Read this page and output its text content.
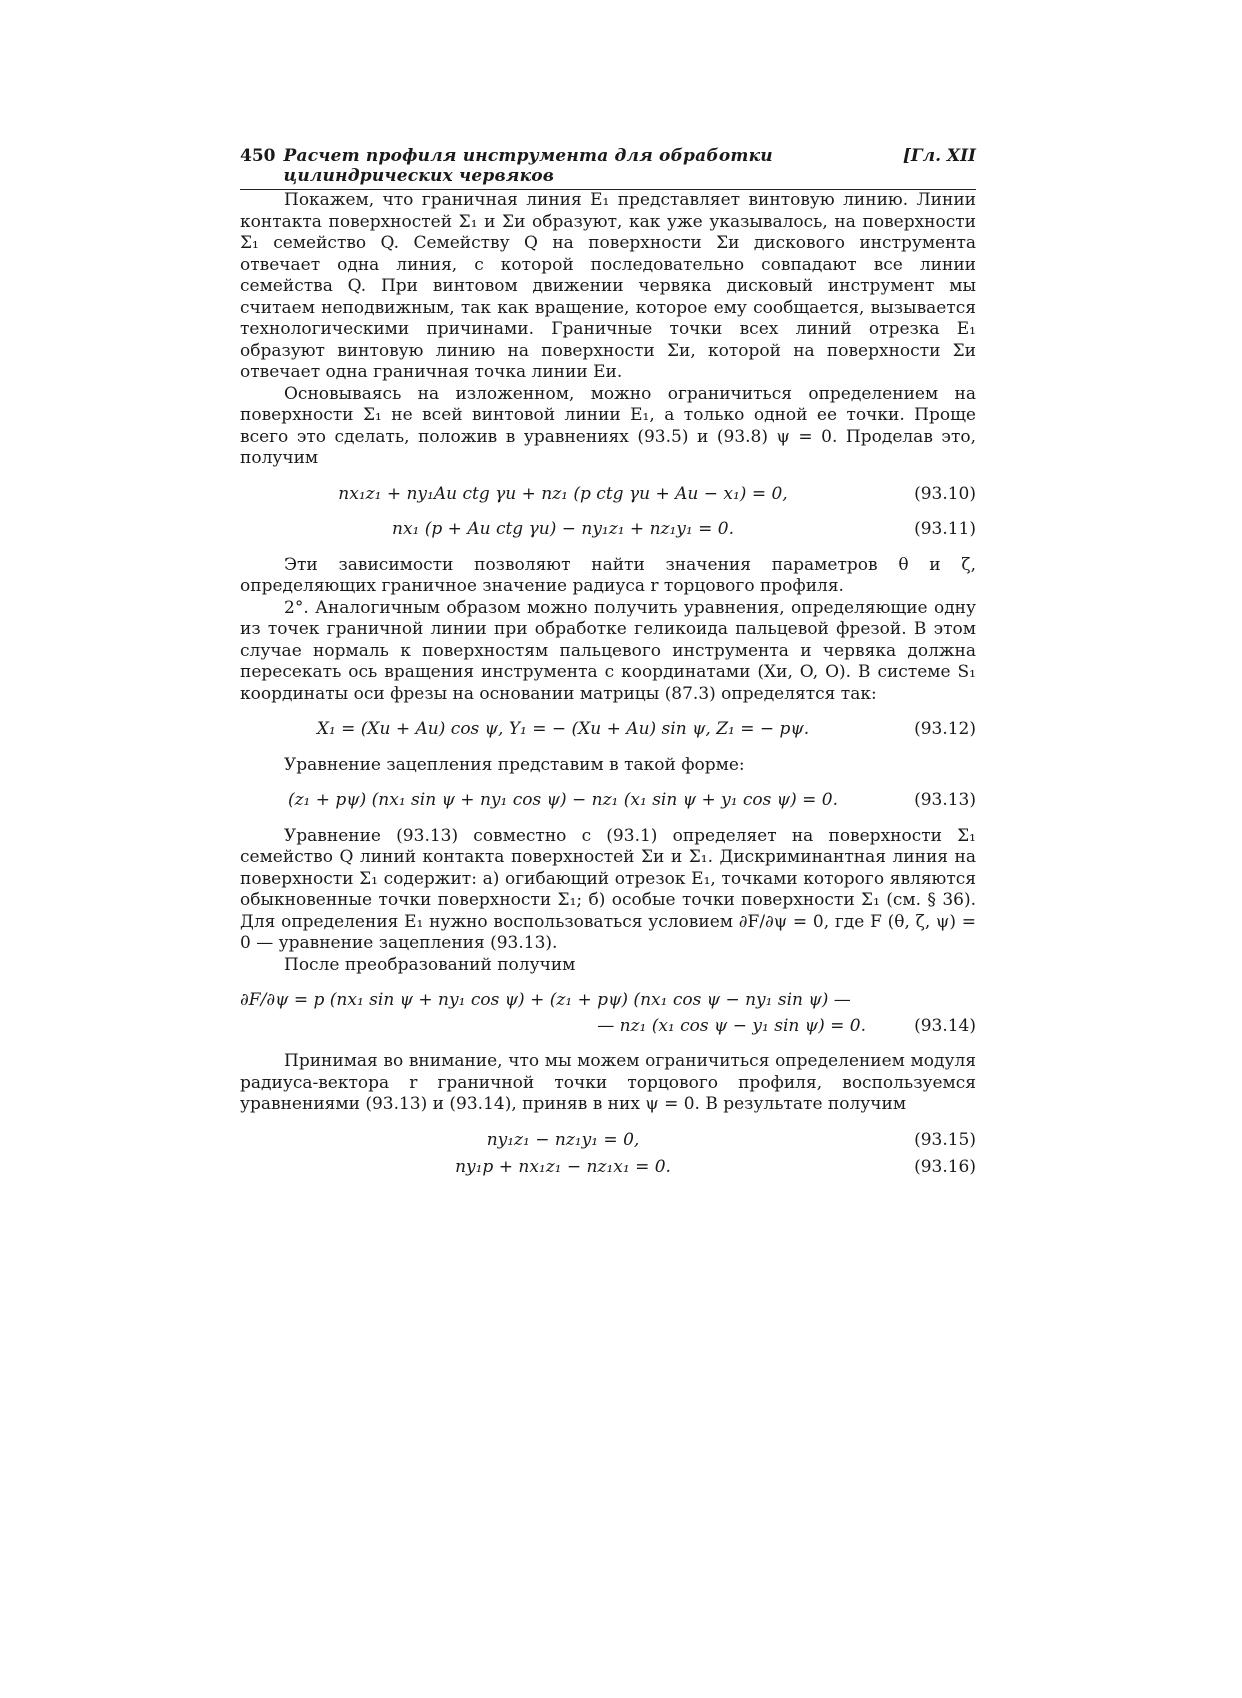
450 Расчет профиля инструмента для обработки цилиндрических червяков
[Гл. XII

Покажем, что граничная линия E₁ представляет винтовую линию. Линии контакта поверхностей Σ₁ и Σи образуют, как уже указывалось, на поверхности Σ₁ семейство Q. Семейству Q на поверхности Σи дискового инструмента отвечает одна линия, с которой последовательно совпадают все линии семейства Q. При винтовом движении червяка дисковый инструмент мы считаем неподвижным, так как вращение, которое ему сообщается, вызывается технологическими причинами. Граничные точки всех линий отрезка E₁ образуют винтовую линию на поверхности Σи, которой на поверхности Σи отвечает одна граничная точка линии Eи.

Основываясь на изложенном, можно ограничиться определением на поверхности Σ₁ не всей винтовой линии E₁, а только одной ее точки. Проще всего это сделать, положив в уравнениях (93.5) и (93.8) ψ = 0. Проделав это, получим

nx₁z₁ + ny₁Aи ctg γи + nz₁ (p ctg γи + Aи − x₁) = 0,	(93.10)
nx₁ (p + Aи ctg γи) − ny₁z₁ + nz₁y₁ = 0.	(93.11)

Эти зависимости позволяют найти значения параметров θ и ζ, определяющих граничное значение радиуса r торцового профиля.

2°. Аналогичным образом можно получить уравнения, определяющие одну из точек граничной линии при обработке геликоида пальцевой фрезой. В этом случае нормаль к поверхностям пальцевого инструмента и червяка должна пересекать ось вращения инструмента с координатами (Xи, O, O). В системе S₁ координаты оси фрезы на основании матрицы (87.3) определятся так:

X₁ = (Xи + Aи) cos ψ, Y₁ = − (Xи + Aи) sin ψ, Z₁ = − pψ.	(93.12)

Уравнение зацепления представим в такой форме:

(z₁ + pψ) (nx₁ sin ψ + ny₁ cos ψ) − nz₁ (x₁ sin ψ + y₁ cos ψ) = 0.	(93.13)

Уравнение (93.13) совместно с (93.1) определяет на поверхности Σ₁ семейство Q линий контакта поверхностей Σи и Σ₁. Дискриминантная линия на поверхности Σ₁ содержит: а) огибающий отрезок E₁, точками которого являются обыкновенные точки поверхности Σ₁; б) особые точки поверхности Σ₁ (см. § 36). Для определения E₁ нужно воспользоваться условием ∂F/∂ψ = 0, где F (θ, ζ, ψ) = 0 — уравнение зацепления (93.13).

После преобразований получим

∂F/∂ψ = p (nx₁ sin ψ + ny₁ cos ψ) + (z₁ + pψ) (nx₁ cos ψ − ny₁ sin ψ) —
— nz₁ (x₁ cos ψ − y₁ sin ψ) = 0.	(93.14)

Принимая во внимание, что мы можем ограничиться определением модуля радиуса-вектора r граничной точки торцового профиля, воспользуемся уравнениями (93.13) и (93.14), приняв в них ψ = 0. В результате получим

ny₁z₁ − nz₁y₁ = 0,	(93.15)
ny₁p + nx₁z₁ − nz₁x₁ = 0.	(93.16)
